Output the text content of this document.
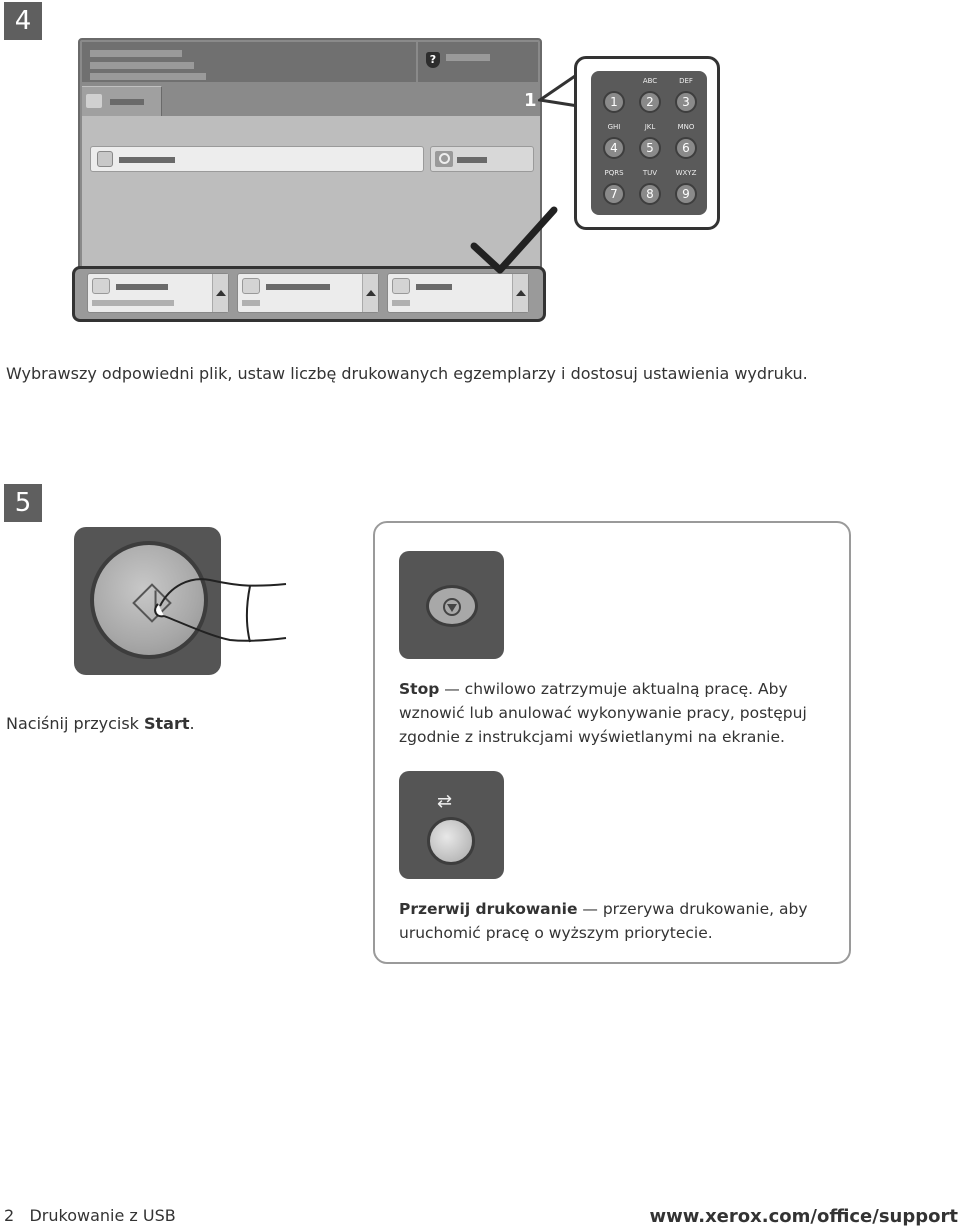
4
?
1	1
ABC
2
DEF
3
GHI
4
JKL
5
MNO
6
PQRS
7
TUV
8
WXYZ
9
Wybrawszy odpowiedni plik, ustaw liczbę drukowanych egzemplarzy i dostosuj ustawienia wydruku.
5
Naciśnij przycisk Start.
Stop — chwilowo zatrzymuje aktualną pracę. Aby wznowić lub anulować wykonywanie pracy, postępuj zgodnie z instrukcjami wyświetlanymi na ekranie.
⇄
Przerwij drukowanie — przerywa drukowanie, aby uruchomić pracę o wyższym priorytecie.
2 Drukowanie z USB	www.xerox.com/office/support
